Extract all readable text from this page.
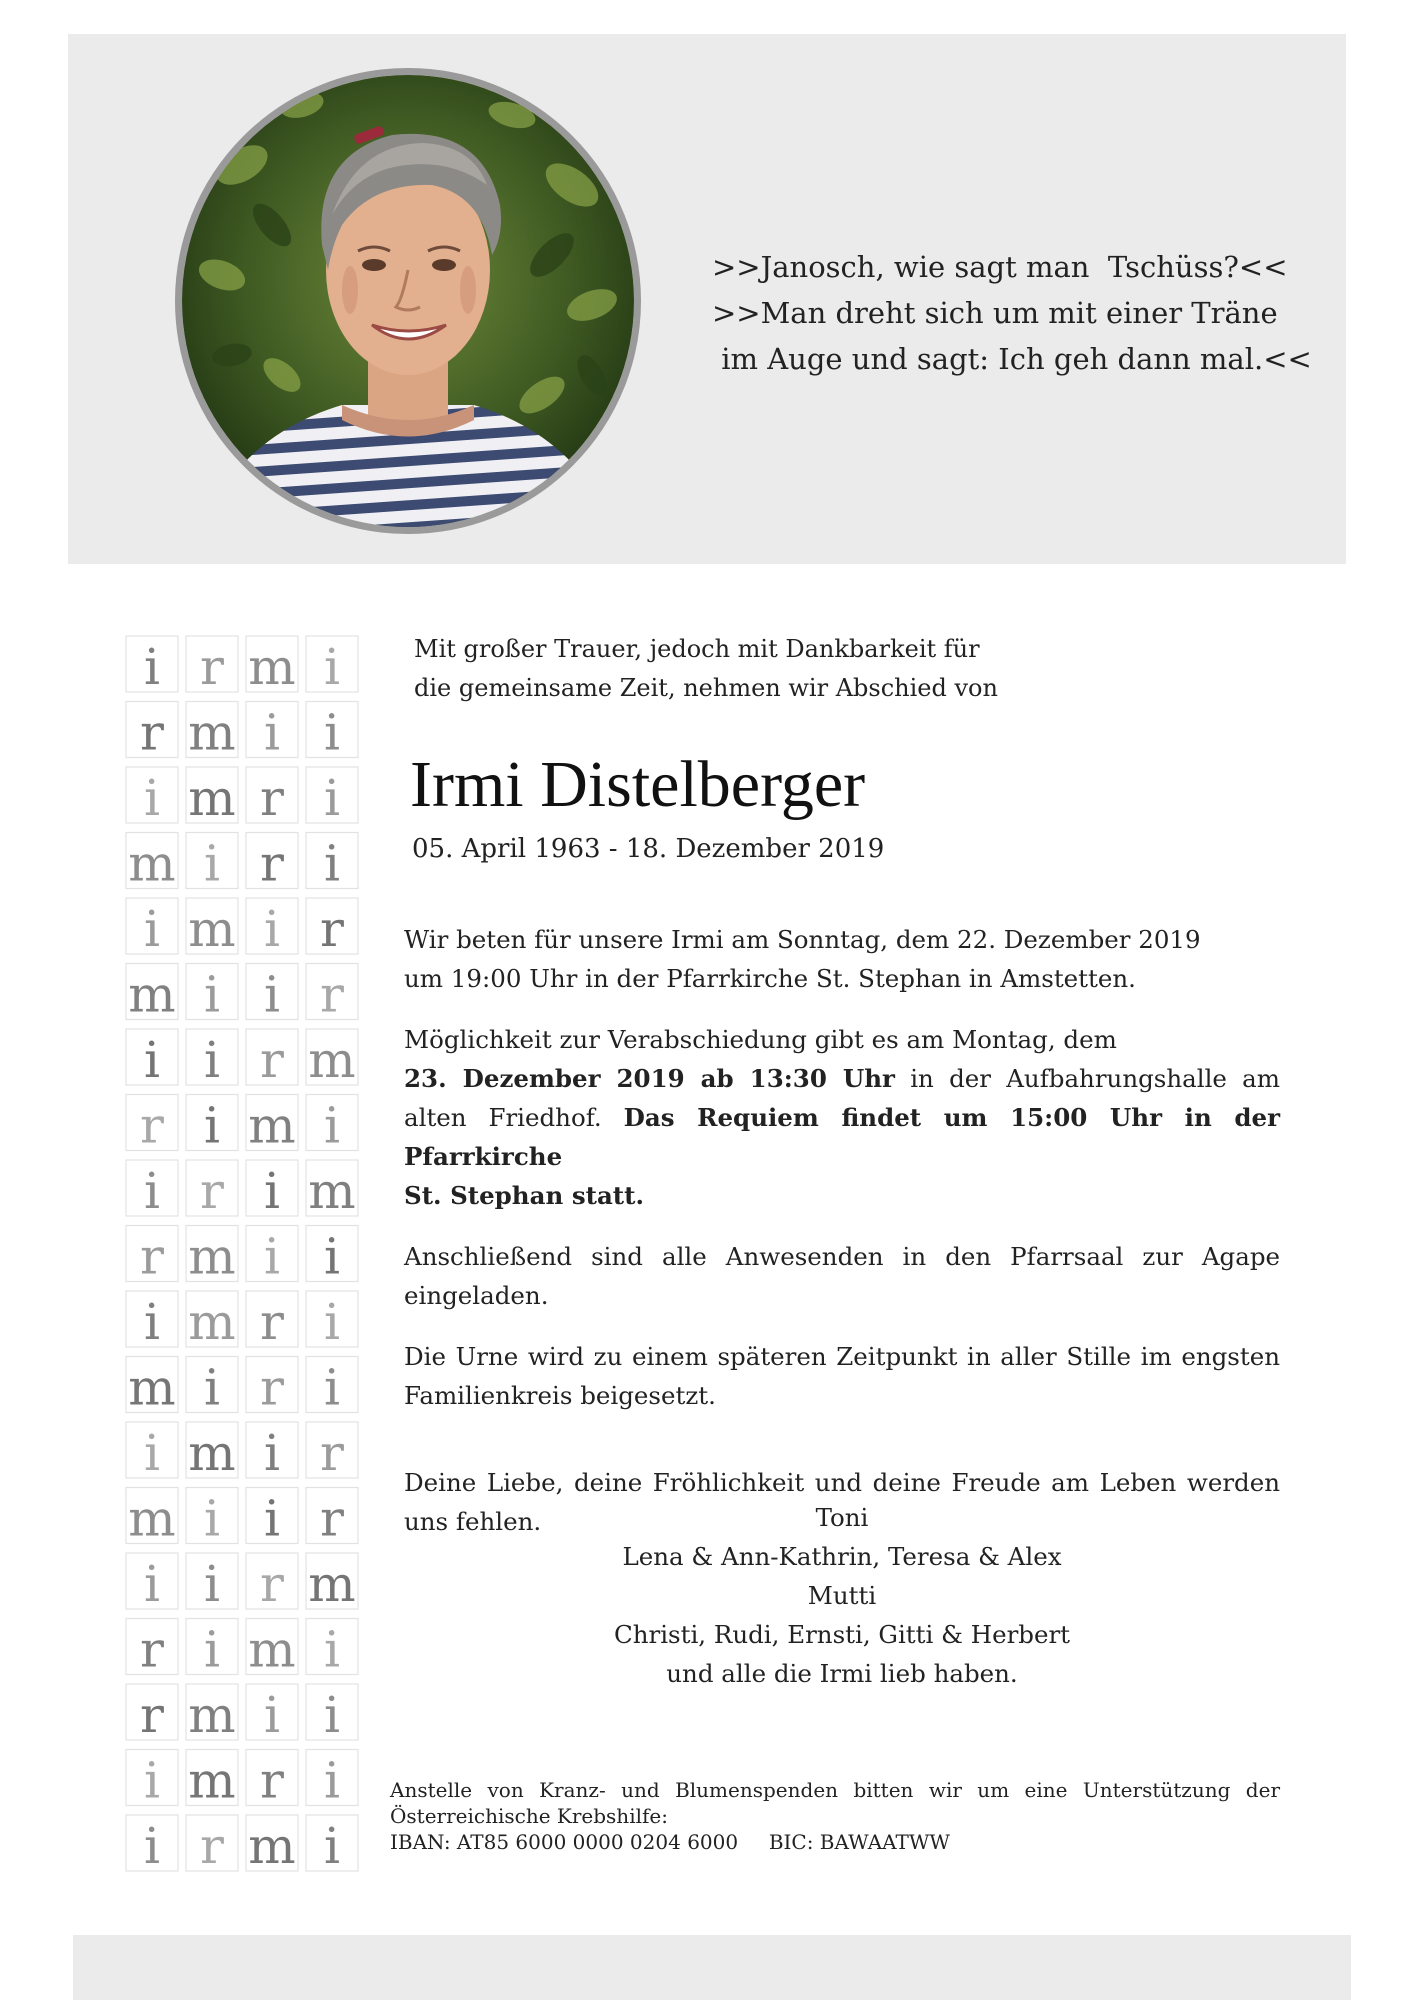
>>Janosch, wie sagt man  Tschüss?<<
>>Man dreht sich um mit einer Träne
im Auge und sagt: Ich geh dann mal.<<
i r m i
r m i i
i m r i
m i r i
i m i r
m i i r
i i r m
r i m i
i r i m
r m i i
i m r i
m i r i
i m i r
m i i r
i i r m
r i m i
r m i i
i m r i
i r m i
Mit großer Trauer, jedoch mit Dankbarkeit für
die gemeinsame Zeit, nehmen wir Abschied von
Irmi Distelberger
05. April 1963 - 18. Dezember 2019

Wir beten für unsere Irmi am Sonntag, dem 22. Dezember 2019
um 19:00 Uhr in der Pfarrkirche St. Stephan in Amstetten.

Möglichkeit zur Verabschiedung gibt es am Montag, dem
23. Dezember 2019 ab 13:30 Uhr in der Aufbahrungshalle am alten Friedhof. Das Requiem findet um 15:00 Uhr in der Pfarrkirche
St. Stephan statt.

Anschließend sind alle Anwesenden in den Pfarrsaal zur Agape eingeladen.

Die Urne wird zu einem späteren Zeitpunkt in aller Stille im engsten Familienkreis beigesetzt.

Deine Liebe, deine Fröhlichkeit und deine Freude am Leben werden uns fehlen.	Toni
Lena & Ann-Kathrin, Teresa & Alex
Mutti
Christi, Rudi, Ernsti, Gitti & Herbert
und alle die Irmi lieb haben.
Anstelle von Kranz- und Blumenspenden bitten wir um eine Unterstützung der
Österreichische Krebshilfe:
IBAN: AT85 6000 0000 0204 6000 BIC: BAWAATWW
